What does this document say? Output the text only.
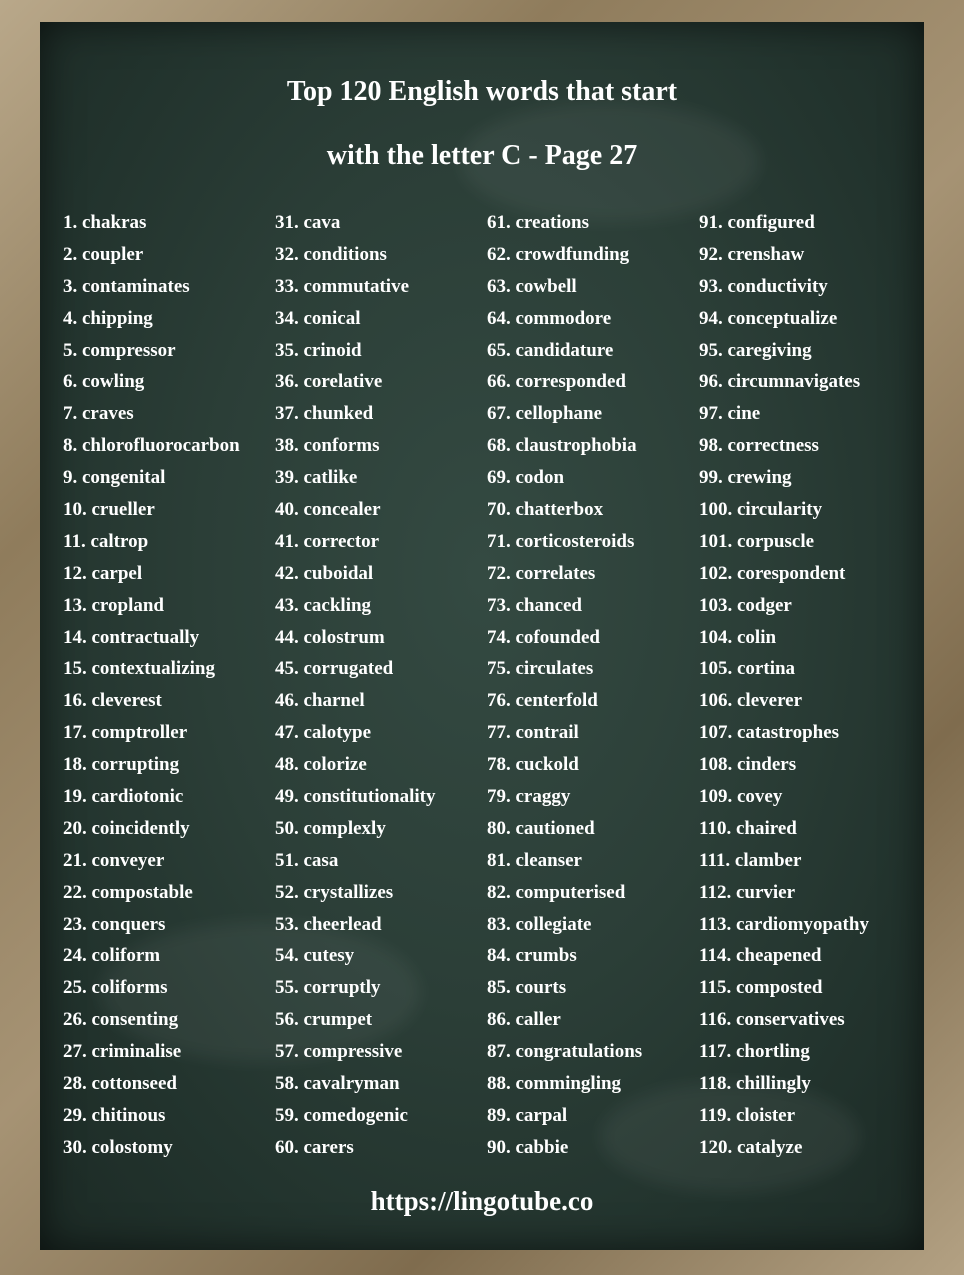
Top 120 English words that start
with the letter C - Page 27
1. chakras
2. coupler
3. contaminates
4. chipping
5. compressor
6. cowling
7. craves
8. chlorofluorocarbon
9. congenital
10. crueller
11. caltrop
12. carpel
13. cropland
14. contractually
15. contextualizing
16. cleverest
17. comptroller
18. corrupting
19. cardiotonic
20. coincidently
21. conveyer
22. compostable
23. conquers
24. coliform
25. coliforms
26. consenting
27. criminalise
28. cottonseed
29. chitinous
30. colostomy
31. cava
32. conditions
33. commutative
34. conical
35. crinoid
36. corelative
37. chunked
38. conforms
39. catlike
40. concealer
41. corrector
42. cuboidal
43. cackling
44. colostrum
45. corrugated
46. charnel
47. calotype
48. colorize
49. constitutionality
50. complexly
51. casa
52. crystallizes
53. cheerlead
54. cutesy
55. corruptly
56. crumpet
57. compressive
58. cavalryman
59. comedogenic
60. carers
61. creations
62. crowdfunding
63. cowbell
64. commodore
65. candidature
66. corresponded
67. cellophane
68. claustrophobia
69. codon
70. chatterbox
71. corticosteroids
72. correlates
73. chanced
74. cofounded
75. circulates
76. centerfold
77. contrail
78. cuckold
79. craggy
80. cautioned
81. cleanser
82. computerised
83. collegiate
84. crumbs
85. courts
86. caller
87. congratulations
88. commingling
89. carpal
90. cabbie
91. configured
92. crenshaw
93. conductivity
94. conceptualize
95. caregiving
96. circumnavigates
97. cine
98. correctness
99. crewing
100. circularity
101. corpuscle
102. corespondent
103. codger
104. colin
105. cortina
106. cleverer
107. catastrophes
108. cinders
109. covey
110. chaired
111. clamber
112. curvier
113. cardiomyopathy
114. cheapened
115. composted
116. conservatives
117. chortling
118. chillingly
119. cloister
120. catalyze
https://lingotube.co
